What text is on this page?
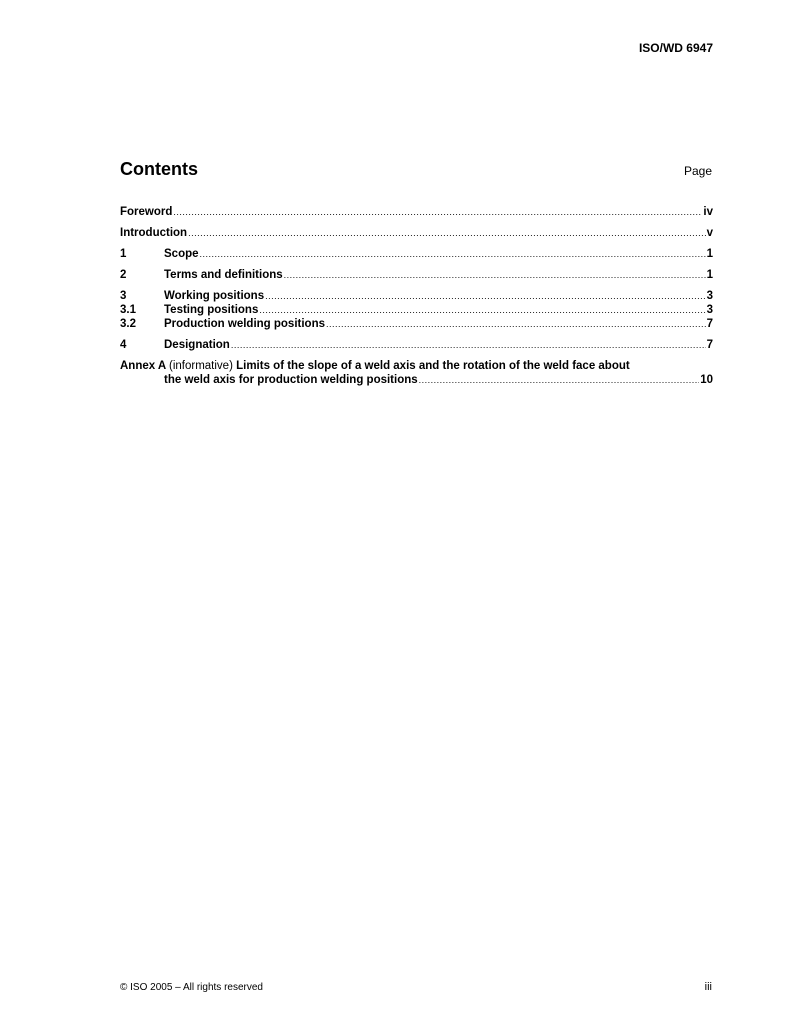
ISO/WD 6947
Contents	Page
Foreword .....	iv
Introduction .....	v
1	Scope .....	1
2	Terms and definitions .....	1
3	Working positions .....	3
3.1	Testing positions .....	3
3.2	Production welding positions .....	7
4	Designation .....	7
Annex A (informative) Limits of the slope of a weld axis and the rotation of the weld face about
the weld axis for production welding positions .....	10
© ISO 2005 – All rights reserved	iii
